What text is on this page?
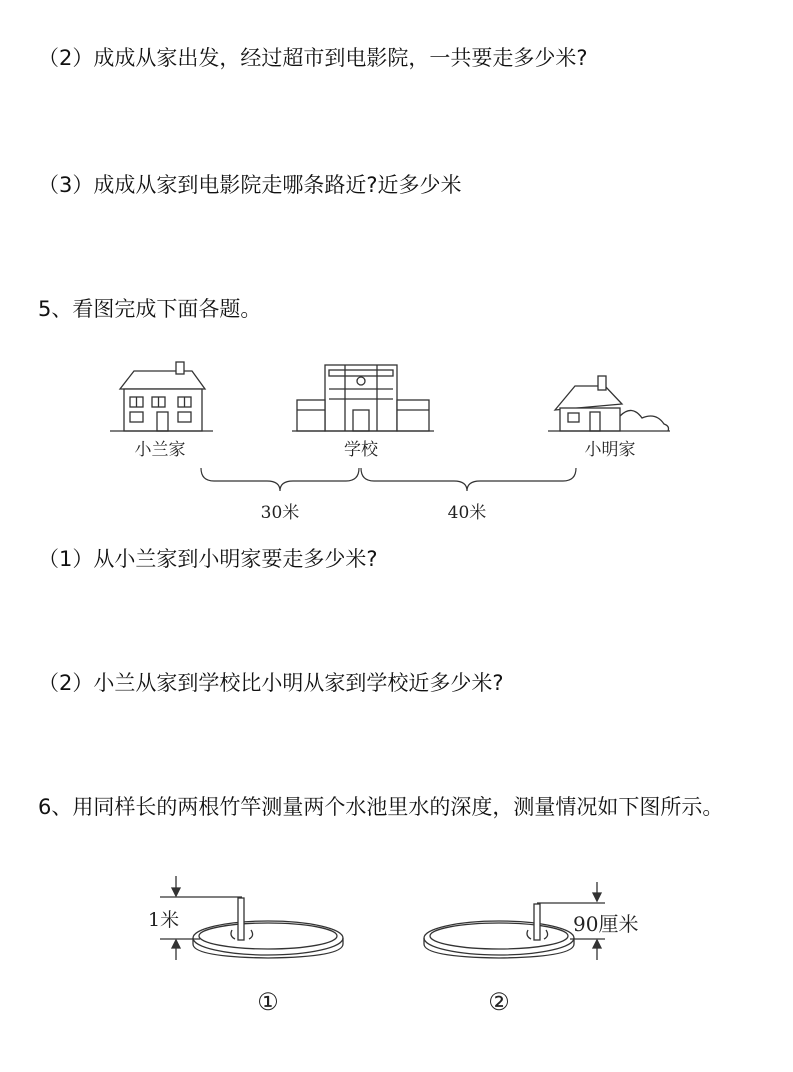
（2）成成从家出发，经过超市到电影院，一共要走多少米?
（3）成成从家到电影院走哪条路近?近多少米
5、看图完成下面各题。
小兰家	学校	小明家
30米	40米
（1）从小兰家到小明家要走多少米?
（2）小兰从家到学校比小明从家到学校近多少米?
6、用同样长的两根竹竿测量两个水池里水的深度，测量情况如下图所示。
1米
①
90厘米
②
